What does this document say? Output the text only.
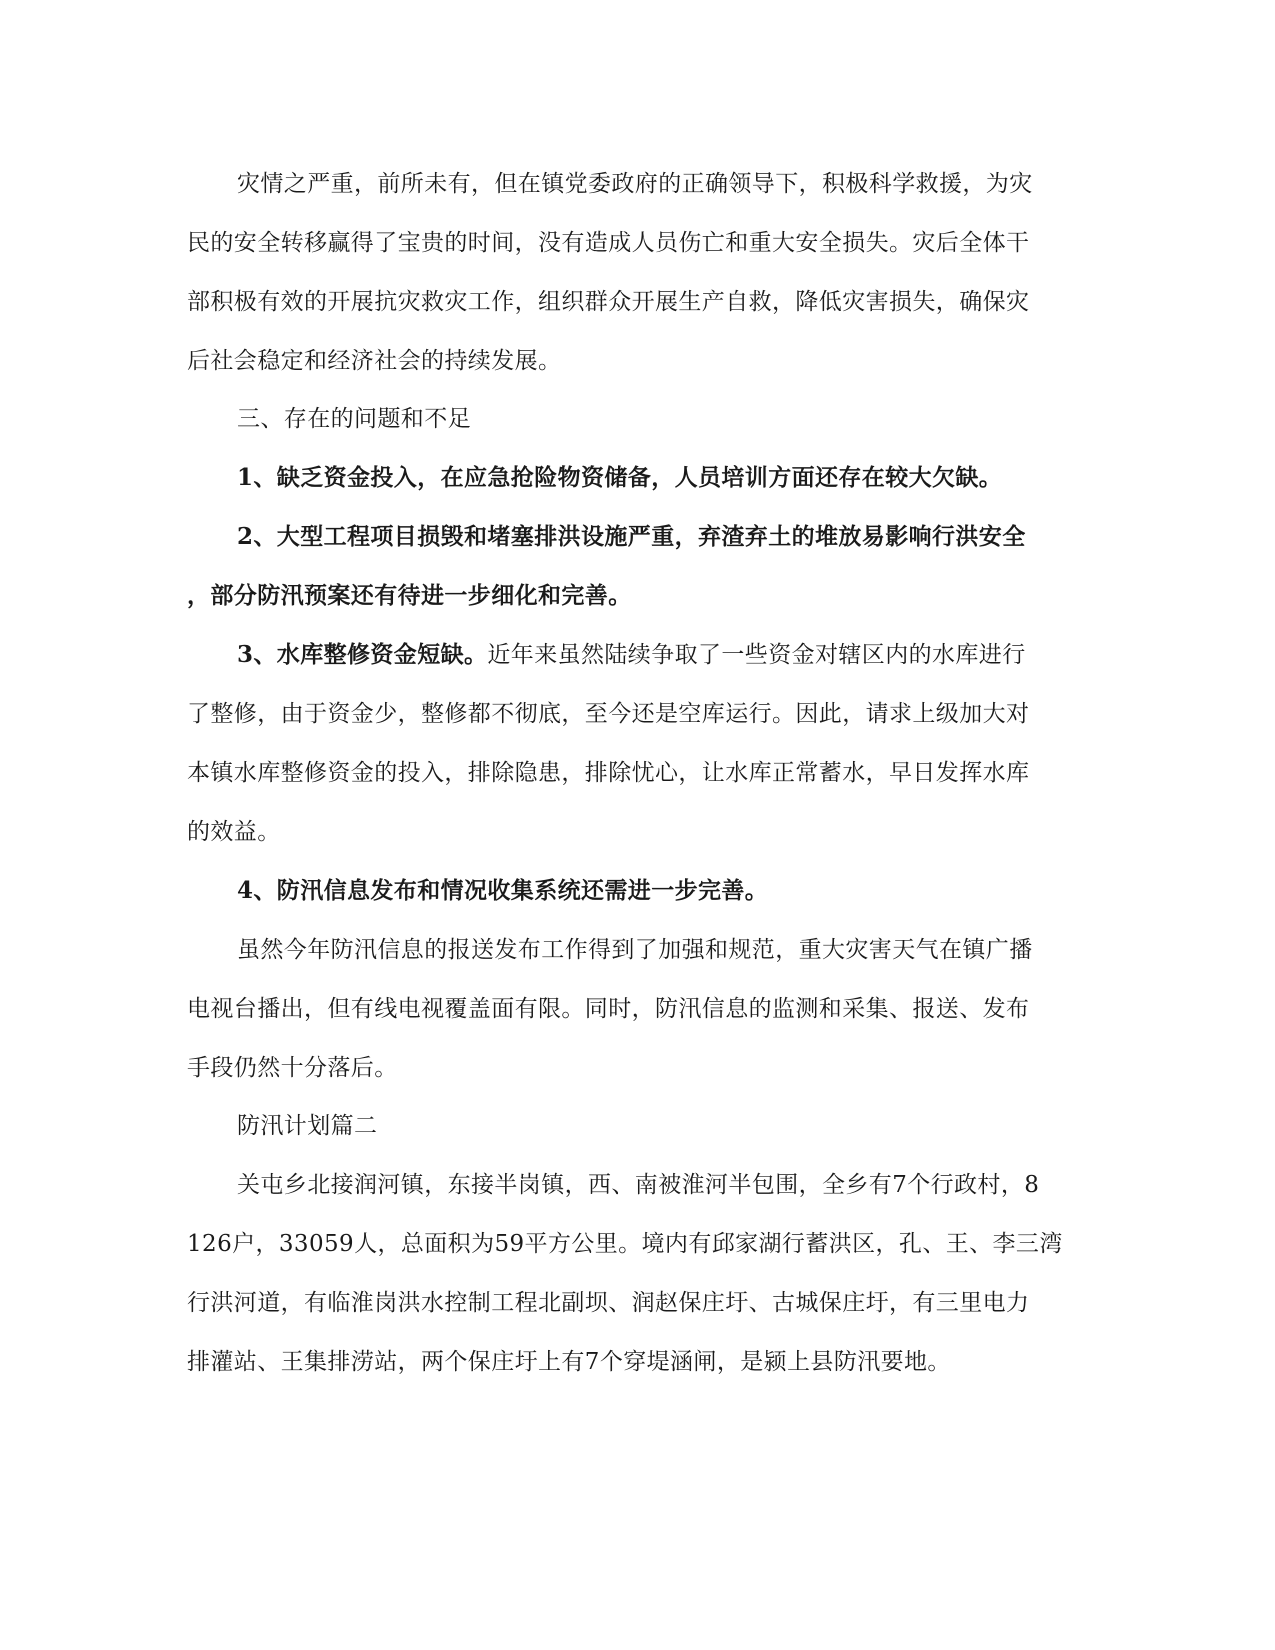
灾情之严重，前所未有，但在镇党委政府的正确领导下，积极科学救援，为灾
民的安全转移赢得了宝贵的时间，没有造成人员伤亡和重大安全损失。灾后全体干
部积极有效的开展抗灾救灾工作，组织群众开展生产自救，降低灾害损失，确保灾
后社会稳定和经济社会的持续发展。
三、存在的问题和不足
1、缺乏资金投入，在应急抢险物资储备，人员培训方面还存在较大欠缺。
2、大型工程项目损毁和堵塞排洪设施严重，弃渣弃土的堆放易影响行洪安全
，部分防汛预案还有待进一步细化和完善。
3、水库整修资金短缺。近年来虽然陆续争取了一些资金对辖区内的水库进行
了整修，由于资金少，整修都不彻底，至今还是空库运行。因此，请求上级加大对
本镇水库整修资金的投入，排除隐患，排除忧心，让水库正常蓄水，早日发挥水库
的效益。
4、防汛信息发布和情况收集系统还需进一步完善。
虽然今年防汛信息的报送发布工作得到了加强和规范，重大灾害天气在镇广播
电视台播出，但有线电视覆盖面有限。同时，防汛信息的监测和采集、报送、发布
手段仍然十分落后。
防汛计划篇二
关屯乡北接润河镇，东接半岗镇，西、南被淮河半包围，全乡有7个行政村，8
126户，33059人，总面积为59平方公里。境内有邱家湖行蓄洪区，孔、王、李三湾
行洪河道，有临淮岗洪水控制工程北副坝、润赵保庄圩、古城保庄圩，有三里电力
排灌站、王集排涝站，两个保庄圩上有7个穿堤涵闸，是颍上县防汛要地。
